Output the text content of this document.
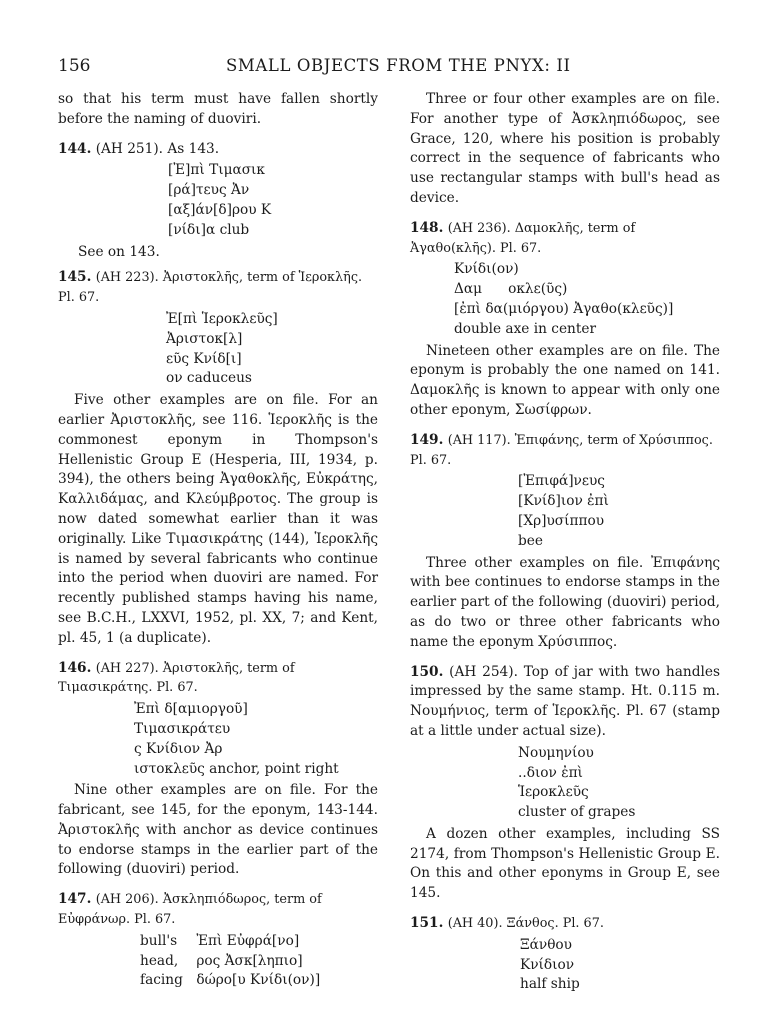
156	SMALL OBJECTS FROM THE PNYX: II

so that his term must have fallen shortly before the naming of duoviri.

144. (AH 251). As 143.

[Ἐ]πὶ Τιμασικ
[ρά]τευς Ἀν
[αξ]άν[δ]ρου K
[νίδι]α club

See on 143.

145. (AH 223). Ἀριστοκλῆς, term of Ἱεροκλῆς. Pl. 67.

Ἐ[πὶ Ἱεροκλεῦς]
Ἀριστοκ[λ]
εῦς Κνίδ[ι]
ον caduceus

Five other examples are on file. For an earlier Ἀριστοκλῆς, see 116. Ἱεροκλῆς is the commonest eponym in Thompson's Hellenistic Group E (Hesperia, III, 1934, p. 394), the others being Ἀγαθοκλῆς, Εὐκράτης, Καλλιδάμας, and Κλεύμβροτος. The group is now dated somewhat earlier than it was originally. Like Τιμασικράτης (144), Ἱεροκλῆς is named by several fabricants who continue into the period when duoviri are named. For recently published stamps having his name, see B.C.H., LXXVI, 1952, pl. XX, 7; and Kent, pl. 45, 1 (a duplicate).

146. (AH 227). Ἀριστοκλῆς, term of Τιμασικράτης. Pl. 67.

Ἐπὶ δ[αμιοργοῦ]
Τιμασικράτευ
ς Κνίδιον Ἀρ
ιστοκλεῦς anchor, point right

Nine other examples are on file. For the fabricant, see 145, for the eponym, 143-144. Ἀριστοκλῆς with anchor as device continues to endorse stamps in the earlier part of the following (duoviri) period.

147. (AH 206). Ἀσκληπιόδωρος, term of Εὐφράνωρ. Pl. 67.

bull's Ἐπὶ Εὐφρά[νο]
head, ρος Ἀσκ[ληπιο]
facing δώρο[υ Κνίδι(ον)]

Three or four other examples are on file. For another type of Ἀσκληπιόδωρος, see Grace, 120, where his position is probably correct in the sequence of fabricants who use rectangular stamps with bull's head as device.

148. (AH 236). Δαμοκλῆς, term of Ἀγαθο(κλῆς). Pl. 67.

Κνίδι(ον)
Δαμ      οκλε(ῦς)
[ἐπὶ δα(μιόργου) Ἀγαθο(κλεῦς)]
double axe in center

Nineteen other examples are on file. The eponym is probably the one named on 141. Δαμοκλῆς is known to appear with only one other eponym, Σωσίφρων.

149. (AH 117). Ἐπιφάνης, term of Χρύσιππος. Pl. 67.

[Ἐπιφά]νευς
[Κνίδ]ιον ἐπὶ
[Χρ]υσίππου
bee

Three other examples on file. Ἐπιφάνης with bee continues to endorse stamps in the earlier part of the following (duoviri) period, as do two or three other fabricants who name the eponym Χρύσιππος.

150. (AH 254). Top of jar with two handles impressed by the same stamp. Ht. 0.115 m. Νουμήνιος, term of Ἱεροκλῆς. Pl. 67 (stamp at a little under actual size).

Νουμηνίου
..διον ἐπὶ
Ἱεροκλεῦς
cluster of grapes

A dozen other examples, including SS 2174, from Thompson's Hellenistic Group E. On this and other eponyms in Group E, see 145.

151. (AH 40). Ξάνθος. Pl. 67.

Ξάνθου
Κνίδιον
half ship
